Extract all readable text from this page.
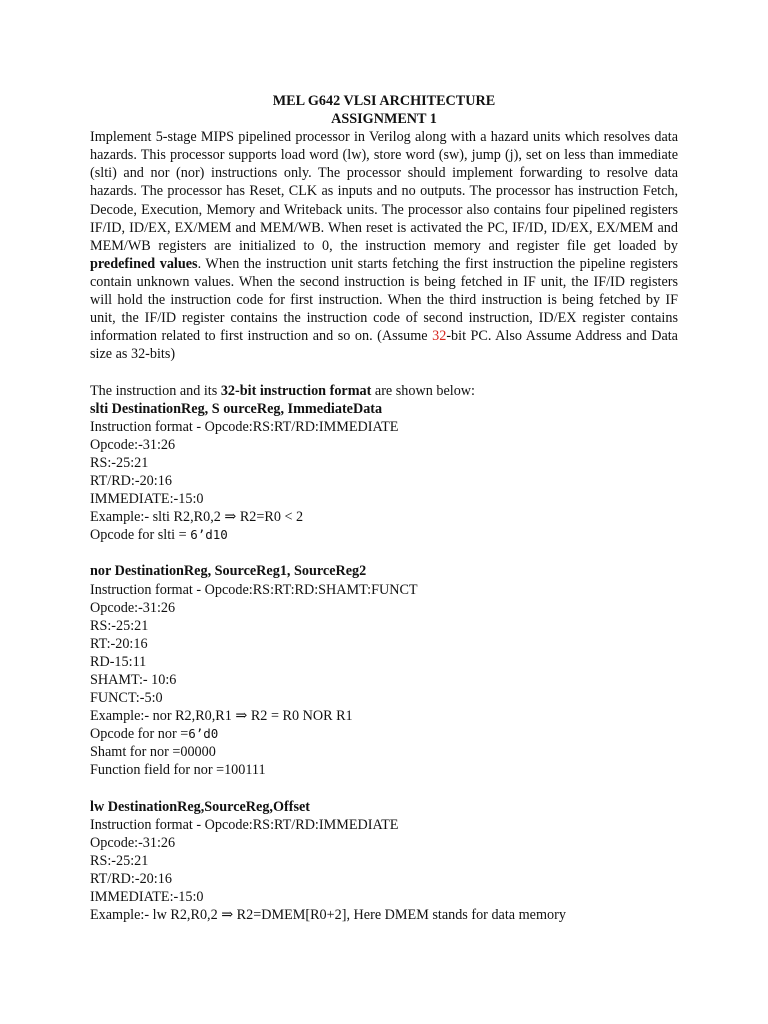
MEL G642 VLSI ARCHITECTURE
ASSIGNMENT 1

Implement 5-stage MIPS pipelined processor in Verilog along with a hazard units which resolves data hazards. This processor supports load word (lw), store word (sw), jump (j), set on less than immediate (slti) and nor (nor) instructions only. The processor should implement forwarding to resolve data hazards. The processor has Reset, CLK as inputs and no outputs. The processor has instruction Fetch, Decode, Execution, Memory and Writeback units. The processor also contains four pipelined registers IF/ID, ID/EX, EX/MEM and MEM/WB. When reset is activated the PC, IF/ID, ID/EX, EX/MEM and MEM/WB registers are initialized to 0, the instruction memory and register file get loaded by predefined values. When the instruction unit starts fetching the first instruction the pipeline registers contain unknown values. When the second instruction is being fetched in IF unit, the IF/ID registers will hold the instruction code for first instruction. When the third instruction is being fetched by IF unit, the IF/ID register contains the instruction code of second instruction, ID/EX register contains information related to first instruction and so on. (Assume 32-bit PC. Also Assume Address and Data size as 32-bits)

The instruction and its 32-bit instruction format are shown below:
slti DestinationReg, S ourceReg, ImmediateData
Instruction format - Opcode:RS:RT/RD:IMMEDIATE
Opcode:-31:26
RS:-25:21
RT/RD:-20:16
IMMEDIATE:-15:0
Example:- slti R2,R0,2 ⇒ R2=R0 < 2
Opcode for slti = 6’d10
nor DestinationReg, SourceReg1, SourceReg2
Instruction format - Opcode:RS:RT:RD:SHAMT:FUNCT
Opcode:-31:26
RS:-25:21
RT:-20:16
RD-15:11
SHAMT:- 10:6
FUNCT:-5:0
Example:- nor R2,R0,R1 ⇒ R2 = R0 NOR R1
Opcode for nor =6’d0
Shamt for nor =00000
Function field for nor =100111
lw DestinationReg,SourceReg,Offset
Instruction format - Opcode:RS:RT/RD:IMMEDIATE
Opcode:-31:26
RS:-25:21
RT/RD:-20:16
IMMEDIATE:-15:0
Example:- lw R2,R0,2 ⇒ R2=DMEM[R0+2], Here DMEM stands for data memory
